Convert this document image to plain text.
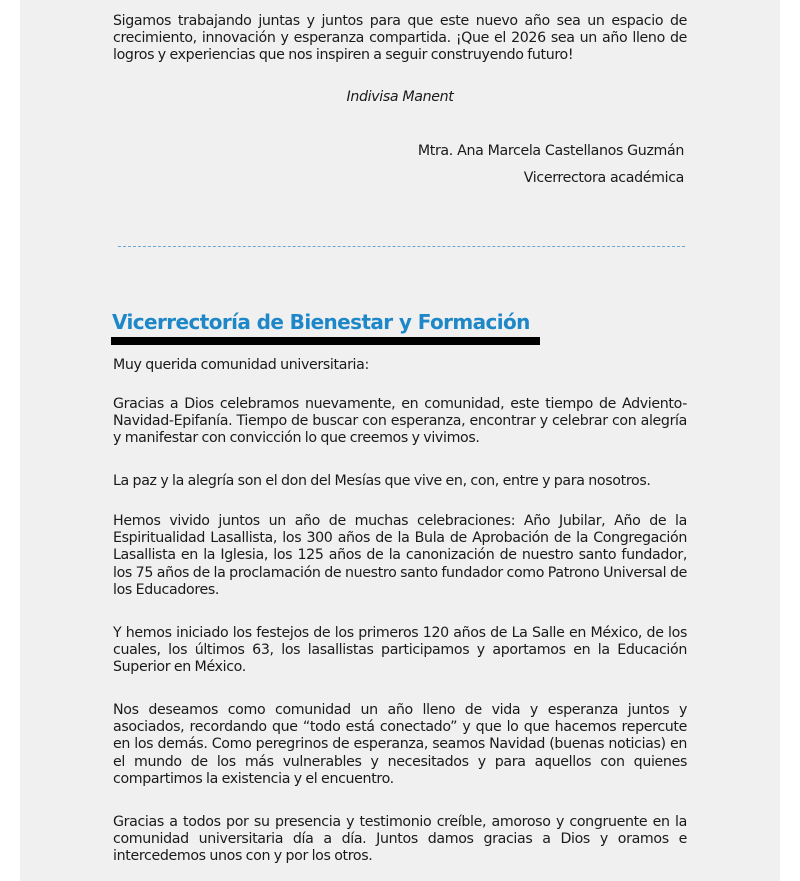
Sigamos trabajando juntas y juntos para que este nuevo año sea un espacio de crecimiento, innovación y esperanza compartida. ¡Que el 2026 sea un año lleno de logros y experiencias que nos inspiren a seguir construyendo futuro!

Indivisa Manent
Mtra. Ana Marcela Castellanos Guzmán
Vicerrectora académica
Vicerrectoría de Bienestar y Formación

Muy querida comunidad universitaria:

Gracias a Dios celebramos nuevamente, en comunidad, este tiempo de Adviento-Navidad-Epifanía. Tiempo de buscar con esperanza, encontrar y celebrar con alegría y manifestar con convicción lo que creemos y vivimos.

La paz y la alegría son el don del Mesías que vive en, con, entre y para nosotros.

Hemos vivido juntos un año de muchas celebraciones: Año Jubilar, Año de la Espiritualidad Lasallista, los 300 años de la Bula de Aprobación de la Congregación Lasallista en la Iglesia, los 125 años de la canonización de nuestro santo fundador, los 75 años de la proclamación de nuestro santo fundador como Patrono Universal de los Educadores.

Y hemos iniciado los festejos de los primeros 120 años de La Salle en México, de los cuales, los últimos 63, los lasallistas participamos y aportamos en la Educación Superior en México.

Nos deseamos como comunidad un año lleno de vida y esperanza juntos y asociados, recordando que “todo está conectado” y que lo que hacemos repercute en los demás. Como peregrinos de esperanza, seamos Navidad (buenas noticias) en el mundo de los más vulnerables y necesitados y para aquellos con quienes compartimos la existencia y el encuentro.

Gracias a todos por su presencia y testimonio creíble, amoroso y congruente en la comunidad universitaria día a día. Juntos damos gracias a Dios y oramos e intercedemos unos con y por los otros.
